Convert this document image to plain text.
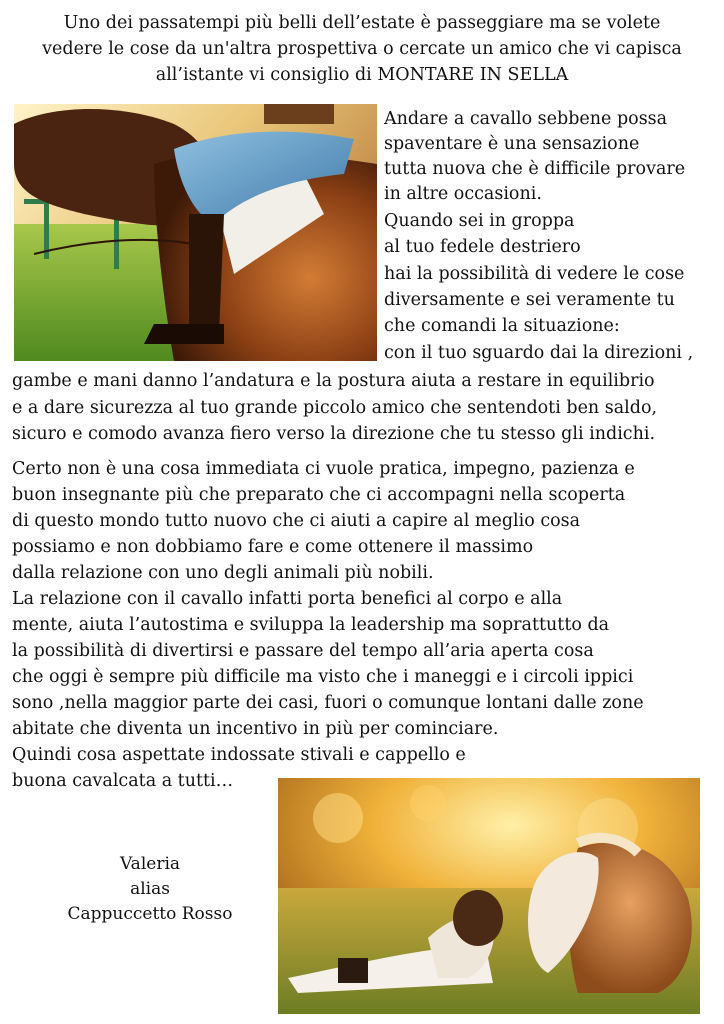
Uno dei passatempi più belli dell’estate è passeggiare ma se volete
vedere le cose da un'altra prospettiva o cercate un amico che vi capisca
all’istante vi consiglio di MONTARE IN SELLA
Andare a cavallo sebbene possa
spaventare è una sensazione
tutta nuova che è difficile provare
in altre occasioni.
Quando sei in groppa
al tuo fedele destriero
hai la possibilità di vedere le cose
diversamente e sei veramente tu
che comandi la situazione:
con il tuo sguardo dai la direzioni ,
gambe e mani danno l’andatura e la postura aiuta a restare in equilibrio
e a dare sicurezza al tuo grande piccolo amico che sentendoti ben saldo,
sicuro e comodo avanza fiero verso la direzione che tu stesso gli indichi.
Certo non è una cosa immediata ci vuole pratica, impegno, pazienza e
buon insegnante più che preparato che ci accompagni nella scoperta
di questo mondo tutto nuovo che ci aiuti a capire al meglio cosa
possiamo e non dobbiamo fare e come ottenere il massimo
dalla relazione con uno degli animali più nobili.
La relazione con il cavallo infatti porta benefici al corpo e alla
mente, aiuta l’autostima e sviluppa la leadership ma soprattutto da
la possibilità di divertirsi e passare del tempo all’aria aperta cosa
che oggi è sempre più difficile ma visto che i maneggi e i circoli ippici
sono ,nella maggior parte dei casi, fuori o comunque lontani dalle zone
abitate che diventa un incentivo in più per cominciare.
Quindi cosa aspettate indossate stivali e cappello e
buona cavalcata a tutti…
Valeria
alias
Cappuccetto Rosso
